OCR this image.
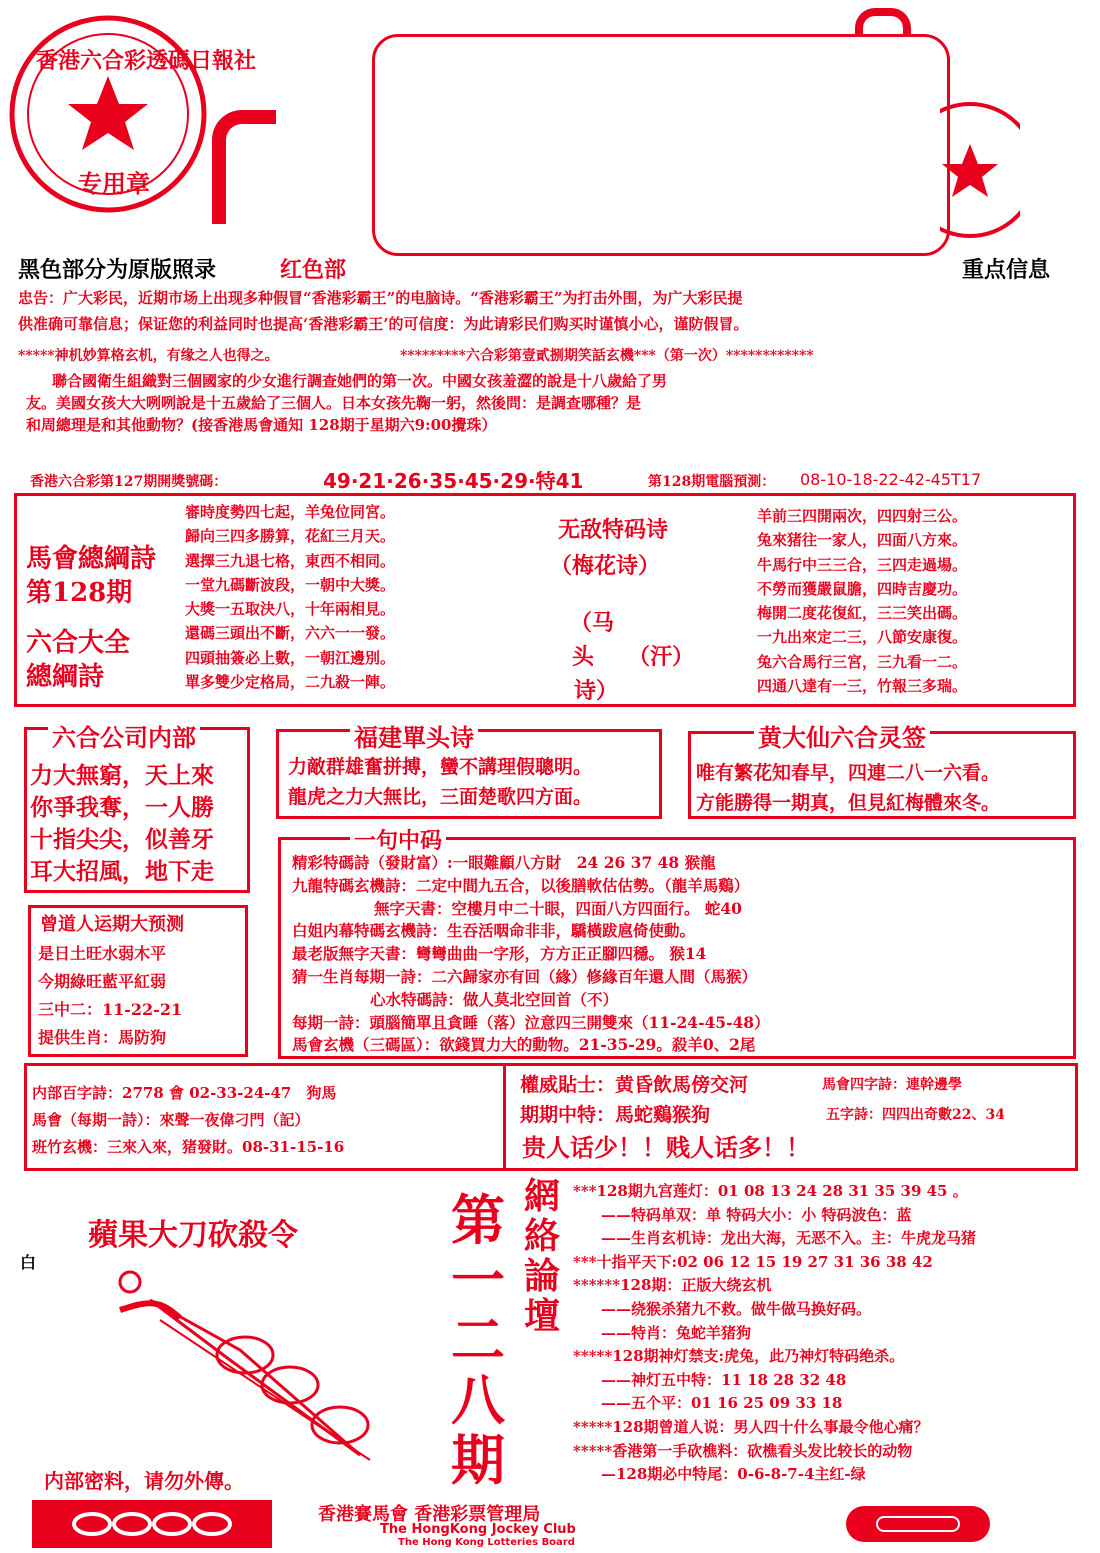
香港六合彩透碼日報社
专用章
黑色部分为原版照录	红色部	重点信息
忠告：广大彩民，近期市场上出现多种假冒“香港彩霸王”的电脑诗。“香港彩霸王”为打击外围，为广大彩民提
供准确可靠信息；保证您的利益同时也提高‘香港彩霸王’的可信度：为此请彩民们购买时谨慎小心，谨防假冒。
*****神机妙算格玄机，有缘之人也得之。	*********六合彩第壹貳捌期笑話玄機***（第一次）************
聯合國衛生組織對三個國家的少女進行調查她們的第一次。中國女孩羞澀的說是十八歲給了男
友。美國女孩大大咧咧說是十五歲給了三個人。日本女孩先鞠一躬，然後問：是調查哪種？是
和周總理是和其他動物？(接香港馬會通知 128期于星期六9:00攪珠）
香港六合彩第127期開獎號碼：	49·21·26·35·45·29·特41	第128期電腦預測： 08-10-18-22-42-45T17
馬會總綱詩
第128期
六合大全
總綱詩
審時度勢四七起，羊兔位同宮。
歸向三四多勝算，花紅三月天。
選擇三九退七格，東西不相同。
一堂九碼斷波段，一朝中大獎。
大獎一五取決八，十年兩相見。
還碼三頭出不斷，六六一一發。
四頭抽簽必上數，一朝江邊別。
單多雙少定格局，二九殺一陣。
无敌特码诗
（梅花诗）
（马
头 （汗）
诗）
羊前三四開兩次，四四射三公。
兔來猪往一家人，四面八方來。
牛馬行中三三合，三四走過場。
不勞而獲嚴鼠膽，四時吉慶功。
梅開二度花復紅，三三笑出碼。
一九出來定二三，八節安康復。
兔六合馬行三宮，三九看一二。
四通八達有一三，竹報三多瑞。
六合公司内部
力大無窮，天上來
你爭我奪，一人勝
十指尖尖，似善牙
耳大招風，地下走
福建單头诗
力敵群雄奮拼搏，蠻不講理假聰明。
龍虎之力大無比，三面楚歌四方面。
黄大仙六合灵签
唯有繁花知春早，四連二八一六看。
方能勝得一期真，但見紅梅體來冬。
曾道人运期大预测
是日土旺水弱木平
今期綠旺藍平紅弱
三中二：11-22-21
提供生肖：馬防狗
一句中码
精彩特碼詩（發財富）:一眼難顧八方財　24 26 37 48 猴龍
九龍特碼玄機詩：二定中間九五合，以後膳軟估估勢。（龍羊馬鷄）
無字天書：空樓月中二十眼，四面八方四面行。 蛇40
白姐内幕特碼玄機詩：生吞活咽命非非，驕橫跋扈倚使動。
最老版無字天書：彎彎曲曲一字形，方方正正腳四穩。 猴14
猜一生肖每期一詩：二六歸家亦有回（緣）修緣百年還人間（馬猴）
心水特碼詩：做人莫北空回首（不）
每期一詩：頭腦簡單且貪睡（落）泣意四三開雙來（11-24-45-48）
馬會玄機（三碼區）：欲錢買力大的動物。21-35-29。殺羊0、2尾
内部百字詩：2778 會 02-33-24-47　狗馬
馬會（每期一詩）：來聲一夜偉刁門（記）
班竹玄機：三來入來，猪發財。08-31-15-16
權威貼士：黄昏飲馬傍交河
期期中特：馬蛇鷄猴狗
馬會四字詩：連幹邊學
五字詩：四四出奇數22、34
贵人话少！！贱人话多！！
蘋果大刀砍殺令
白
内部密料，请勿外傳。
第一二八期
網絡論壇
***128期九宫莲灯：01 08 13 24 28 31 35 39 45 。
——特码单双：单 特码大小：小 特码波色：蓝
——生肖玄机诗：龙出大海，无恶不入。主：牛虎龙马猪
***十指平天下:02 06 12 15 19 27 31 36 38 42
******128期：正版大绕玄机
——绕猴杀猪九不救。做牛做马换好码。
——特肖：兔蛇羊猪狗
*****128期神灯禁支:虎兔，此乃神灯特码绝杀。
——神灯五中特：11 18 28 32 48
——五个平：01 16 25 09 33 18
*****128期曾道人说：男人四十什么事最令他心痛？
*****香港第一手砍樵料：砍樵看头发比较长的动物
—128期必中特尾：0-6-8-7-4主红-绿
香港賽馬會 香港彩票管理局
The HongKong Jockey Club
The Hong Kong Lotteries Board
